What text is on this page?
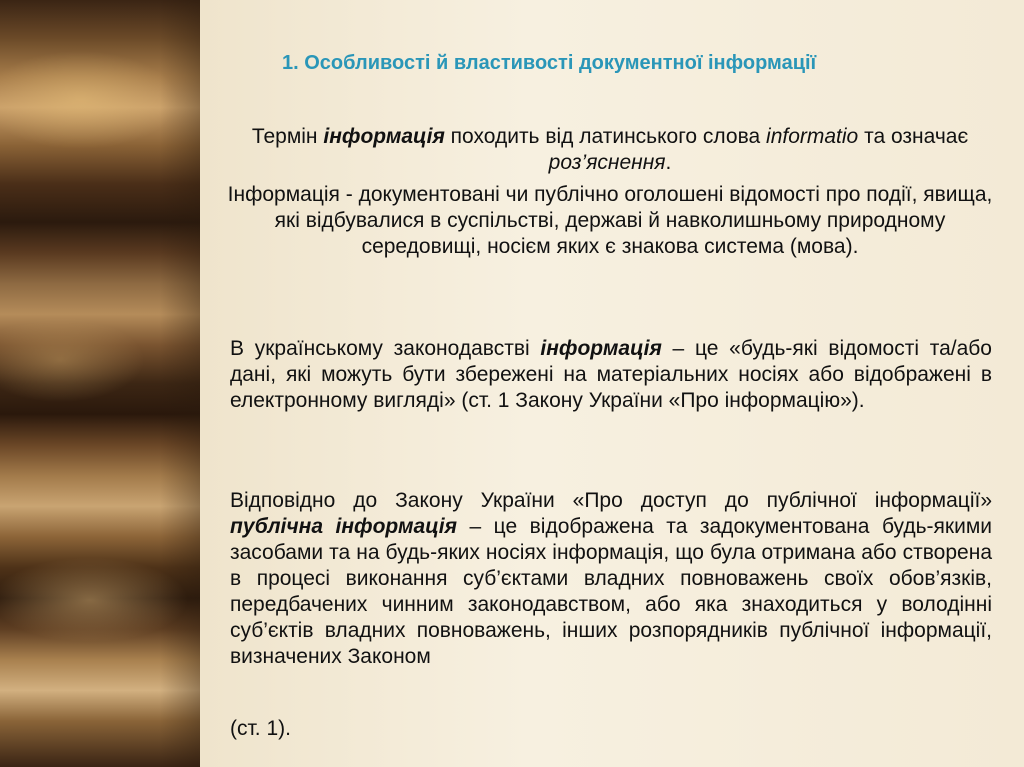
1. Особливості й властивості документної інформації

Термін інформація походить від латинського слова informatio та означає роз’яснення.

Інформація - документовані чи публічно оголошені відомості про події, явища, які відбувалися в суспільстві, державі й навколишньому природному середовищі, носієм яких є знакова система (мова).

В українському законодавстві інформація – це «будь-які відомості та/або дані, які можуть бути збережені на матеріальних носіях або відображені в електронному вигляді» (ст. 1 Закону України «Про інформацію»).

Відповідно до Закону України «Про доступ до публічної інформації» публічна інформація – це відображена та задокументована будь-якими засобами та на будь-яких носіях інформація, що була отримана або створена в процесі виконання суб’єктами владних повноважень своїх обов’язків, передбачених чинним законодавством, або яка знаходиться у володінні суб’єктів владних повноважень, інших розпорядників публічної інформації, визначених Законом

(ст. 1).
